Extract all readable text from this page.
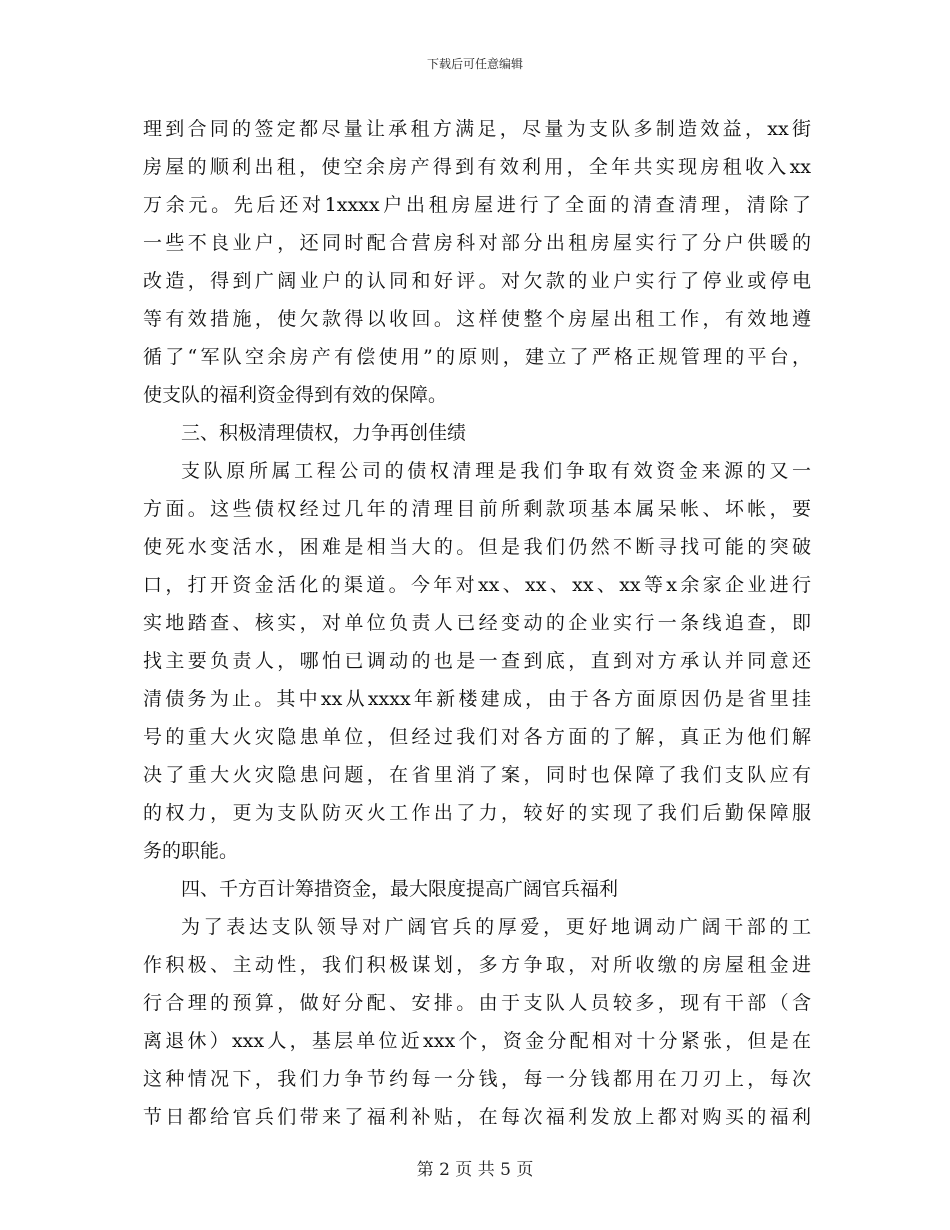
下载后可任意编辑
理到合同的签定都尽量让承租方满足，尽量为支队多制造效益，xx街
房屋的顺利出租，使空余房产得到有效利用，全年共实现房租收入xx
万余元。先后还对1xxxx户出租房屋进行了全面的清查清理，清除了
一些不良业户，还同时配合营房科对部分出租房屋实行了分户供暖的
改造，得到广阔业户的认同和好评。对欠款的业户实行了停业或停电
等有效措施，使欠款得以收回。这样使整个房屋出租工作，有效地遵
循了“军队空余房产有偿使用”的原则，建立了严格正规管理的平台，
使支队的福利资金得到有效的保障。
三、积极清理债权，力争再创佳绩
支队原所属工程公司的债权清理是我们争取有效资金来源的又一
方面。这些债权经过几年的清理目前所剩款项基本属呆帐、坏帐，要
使死水变活水，困难是相当大的。但是我们仍然不断寻找可能的突破
口，打开资金活化的渠道。今年对xx、xx、xx、xx等x余家企业进行
实地踏查、核实，对单位负责人已经变动的企业实行一条线追查，即
找主要负责人，哪怕已调动的也是一查到底，直到对方承认并同意还
清债务为止。其中xx从xxxx年新楼建成，由于各方面原因仍是省里挂
号的重大火灾隐患单位，但经过我们对各方面的了解，真正为他们解
决了重大火灾隐患问题，在省里消了案，同时也保障了我们支队应有
的权力，更为支队防灭火工作出了力，较好的实现了我们后勤保障服
务的职能。
四、千方百计筹措资金，最大限度提高广阔官兵福利
为了表达支队领导对广阔官兵的厚爱，更好地调动广阔干部的工
作积极、主动性，我们积极谋划，多方争取，对所收缴的房屋租金进
行合理的预算，做好分配、安排。由于支队人员较多，现有干部（含
离退休）xxx人，基层单位近xxx个，资金分配相对十分紧张，但是在
这种情况下，我们力争节约每一分钱，每一分钱都用在刀刃上，每次
节日都给官兵们带来了福利补贴，在每次福利发放上都对购买的福利
第 2 页 共 5 页
